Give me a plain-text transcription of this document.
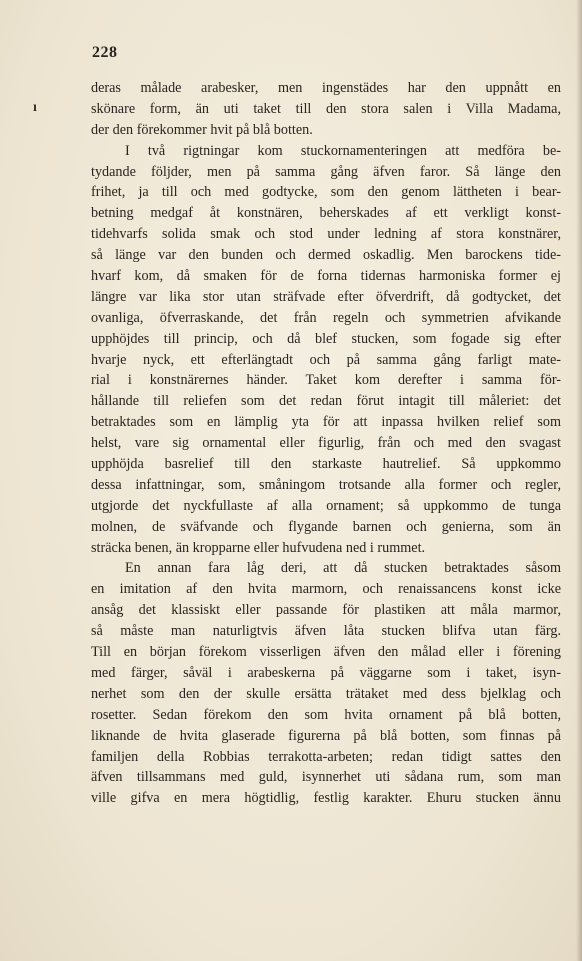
228
ı
deras målade arabesker, men ingenstädes har den uppnått en
skönare form, än uti taket till den stora salen i Villa Madama,
der den förekommer hvit på blå botten.
I två rigtningar kom stuckornamenteringen att medföra be-
tydande följder, men på samma gång äfven faror. Så länge den
frihet, ja till och med godtycke, som den genom lättheten i bear-
betning medgaf åt konstnären, beherskades af ett verkligt konst-
tidehvarfs solida smak och stod under ledning af stora konstnärer,
så länge var den bunden och dermed oskadlig. Men barockens tide-
hvarf kom, då smaken för de forna tidernas harmoniska former ej
längre var lika stor utan sträfvade efter öfverdrift, då godtycket, det
ovanliga, öfverraskande, det från regeln och symmetrien afvikande
upphöjdes till princip, och då blef stucken, som fogade sig efter
hvarje nyck, ett efterlängtadt och på samma gång farligt mate-
rial i konstnärernes händer. Taket kom derefter i samma för-
hållande till reliefen som det redan förut intagit till måleriet: det
betraktades som en lämplig yta för att inpassa hvilken relief som
helst, vare sig ornamental eller figurlig, från och med den svagast
upphöjda basrelief till den starkaste hautrelief. Så uppkommo
dessa infattningar, som, småningom trotsande alla former och regler,
utgjorde det nyckfullaste af alla ornament; så uppkommo de tunga
molnen, de sväfvande och flygande barnen och genierna, som än
sträcka benen, än kropparne eller hufvudena ned i rummet.
En annan fara låg deri, att då stucken betraktades såsom
en imitation af den hvita marmorn, och renaissancens konst icke
ansåg det klassiskt eller passande för plastiken att måla marmor,
så måste man naturligtvis äfven låta stucken blifva utan färg.
Till en början förekom visserligen äfven den målad eller i förening
med färger, såväl i arabeskerna på väggarne som i taket, isyn-
nerhet som den der skulle ersätta trätaket med dess bjelklag och
rosetter. Sedan förekom den som hvita ornament på blå botten,
liknande de hvita glaserade figurerna på blå botten, som finnas på
familjen della Robbias terrakotta-arbeten; redan tidigt sattes den
äfven tillsammans med guld, isynnerhet uti sådana rum, som man
ville gifva en mera högtidlig, festlig karakter. Ehuru stucken ännu
